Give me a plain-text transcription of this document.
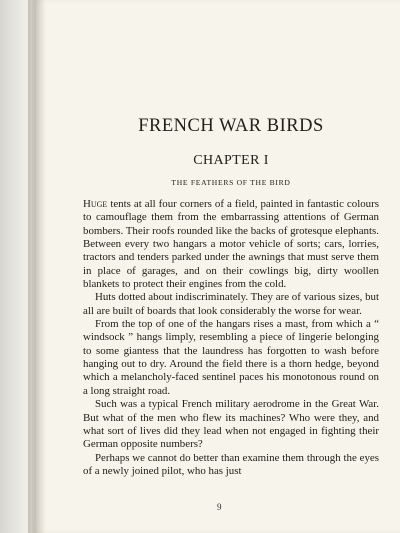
FRENCH WAR BIRDS
CHAPTER I
THE FEATHERS OF THE BIRD

Huge tents at all four corners of a field, painted in fantastic colours to camouflage them from the embarrassing attentions of German bombers. Their roofs rounded like the backs of grotesque elephants. Between every two hangars a motor vehicle of sorts; cars, lorries, tractors and tenders parked under the awnings that must serve them in place of garages, and on their cowlings big, dirty woollen blankets to protect their engines from the cold.

Huts dotted about indiscriminately. They are of various sizes, but all are built of boards that look considerably the worse for wear.

From the top of one of the hangars rises a mast, from which a “ windsock ” hangs limply, resembling a piece of lingerie belonging to some giantess that the laundress has forgotten to wash before hanging out to dry. Around the field there is a thorn hedge, beyond which a melancholy-faced sentinel paces his monotonous round on a long straight road.

Such was a typical French military aerodrome in the Great War. But what of the men who flew its machines? Who were they, and what sort of lives did they lead when not engaged in fighting their German opposite numbers?

Perhaps we cannot do better than examine them through the eyes of a newly joined pilot, who has just

9
